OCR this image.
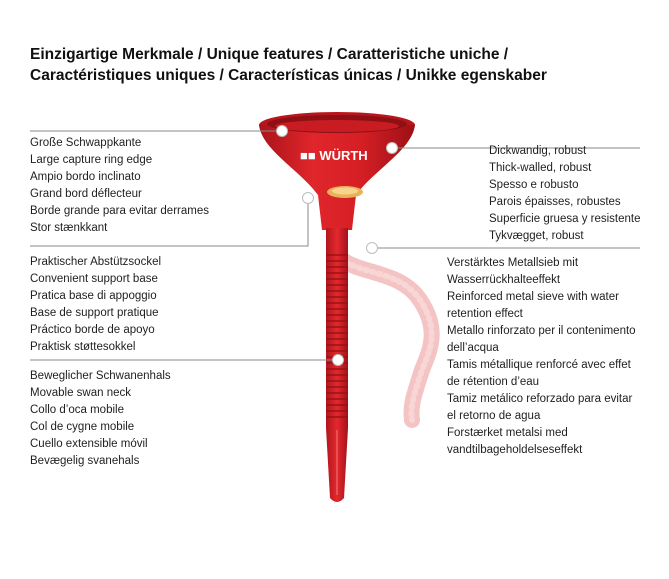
Einzigartige Merkmale / Unique features / Caratteristiche uniche /
Caractéristiques uniques / Características únicas / Unikke egenskaber
■■ WÜRTH
Große Schwappkante
Large capture ring edge
Ampio bordo inclinato
Grand bord déflecteur
Borde grande para evitar derrames
Stor stænkkant
Praktischer Abstützsockel
Convenient support base
Pratica base di appoggio
Base de support pratique
Práctico borde de apoyo
Praktisk støttesokkel
Beweglicher Schwanenhals
Movable swan neck
Collo d’oca mobile
Col de cygne mobile
Cuello extensible móvil
Bevægelig svanehals
Dickwandig, robust
Thick-walled, robust
Spesso e robusto
Parois épaisses, robustes
Superficie gruesa y resistente
Tykvægget, robust
Verstärktes Metallsieb mit
Wasserrückhalteeffekt
Reinforced metal sieve with water
retention effect
Metallo rinforzato per il contenimento
dell’acqua
Tamis métallique renforcé avec effet
de rétention d’eau
Tamiz metálico reforzado para evitar
el retorno de agua
Forstærket metalsi med
vandtilbageholdelseseffekt
